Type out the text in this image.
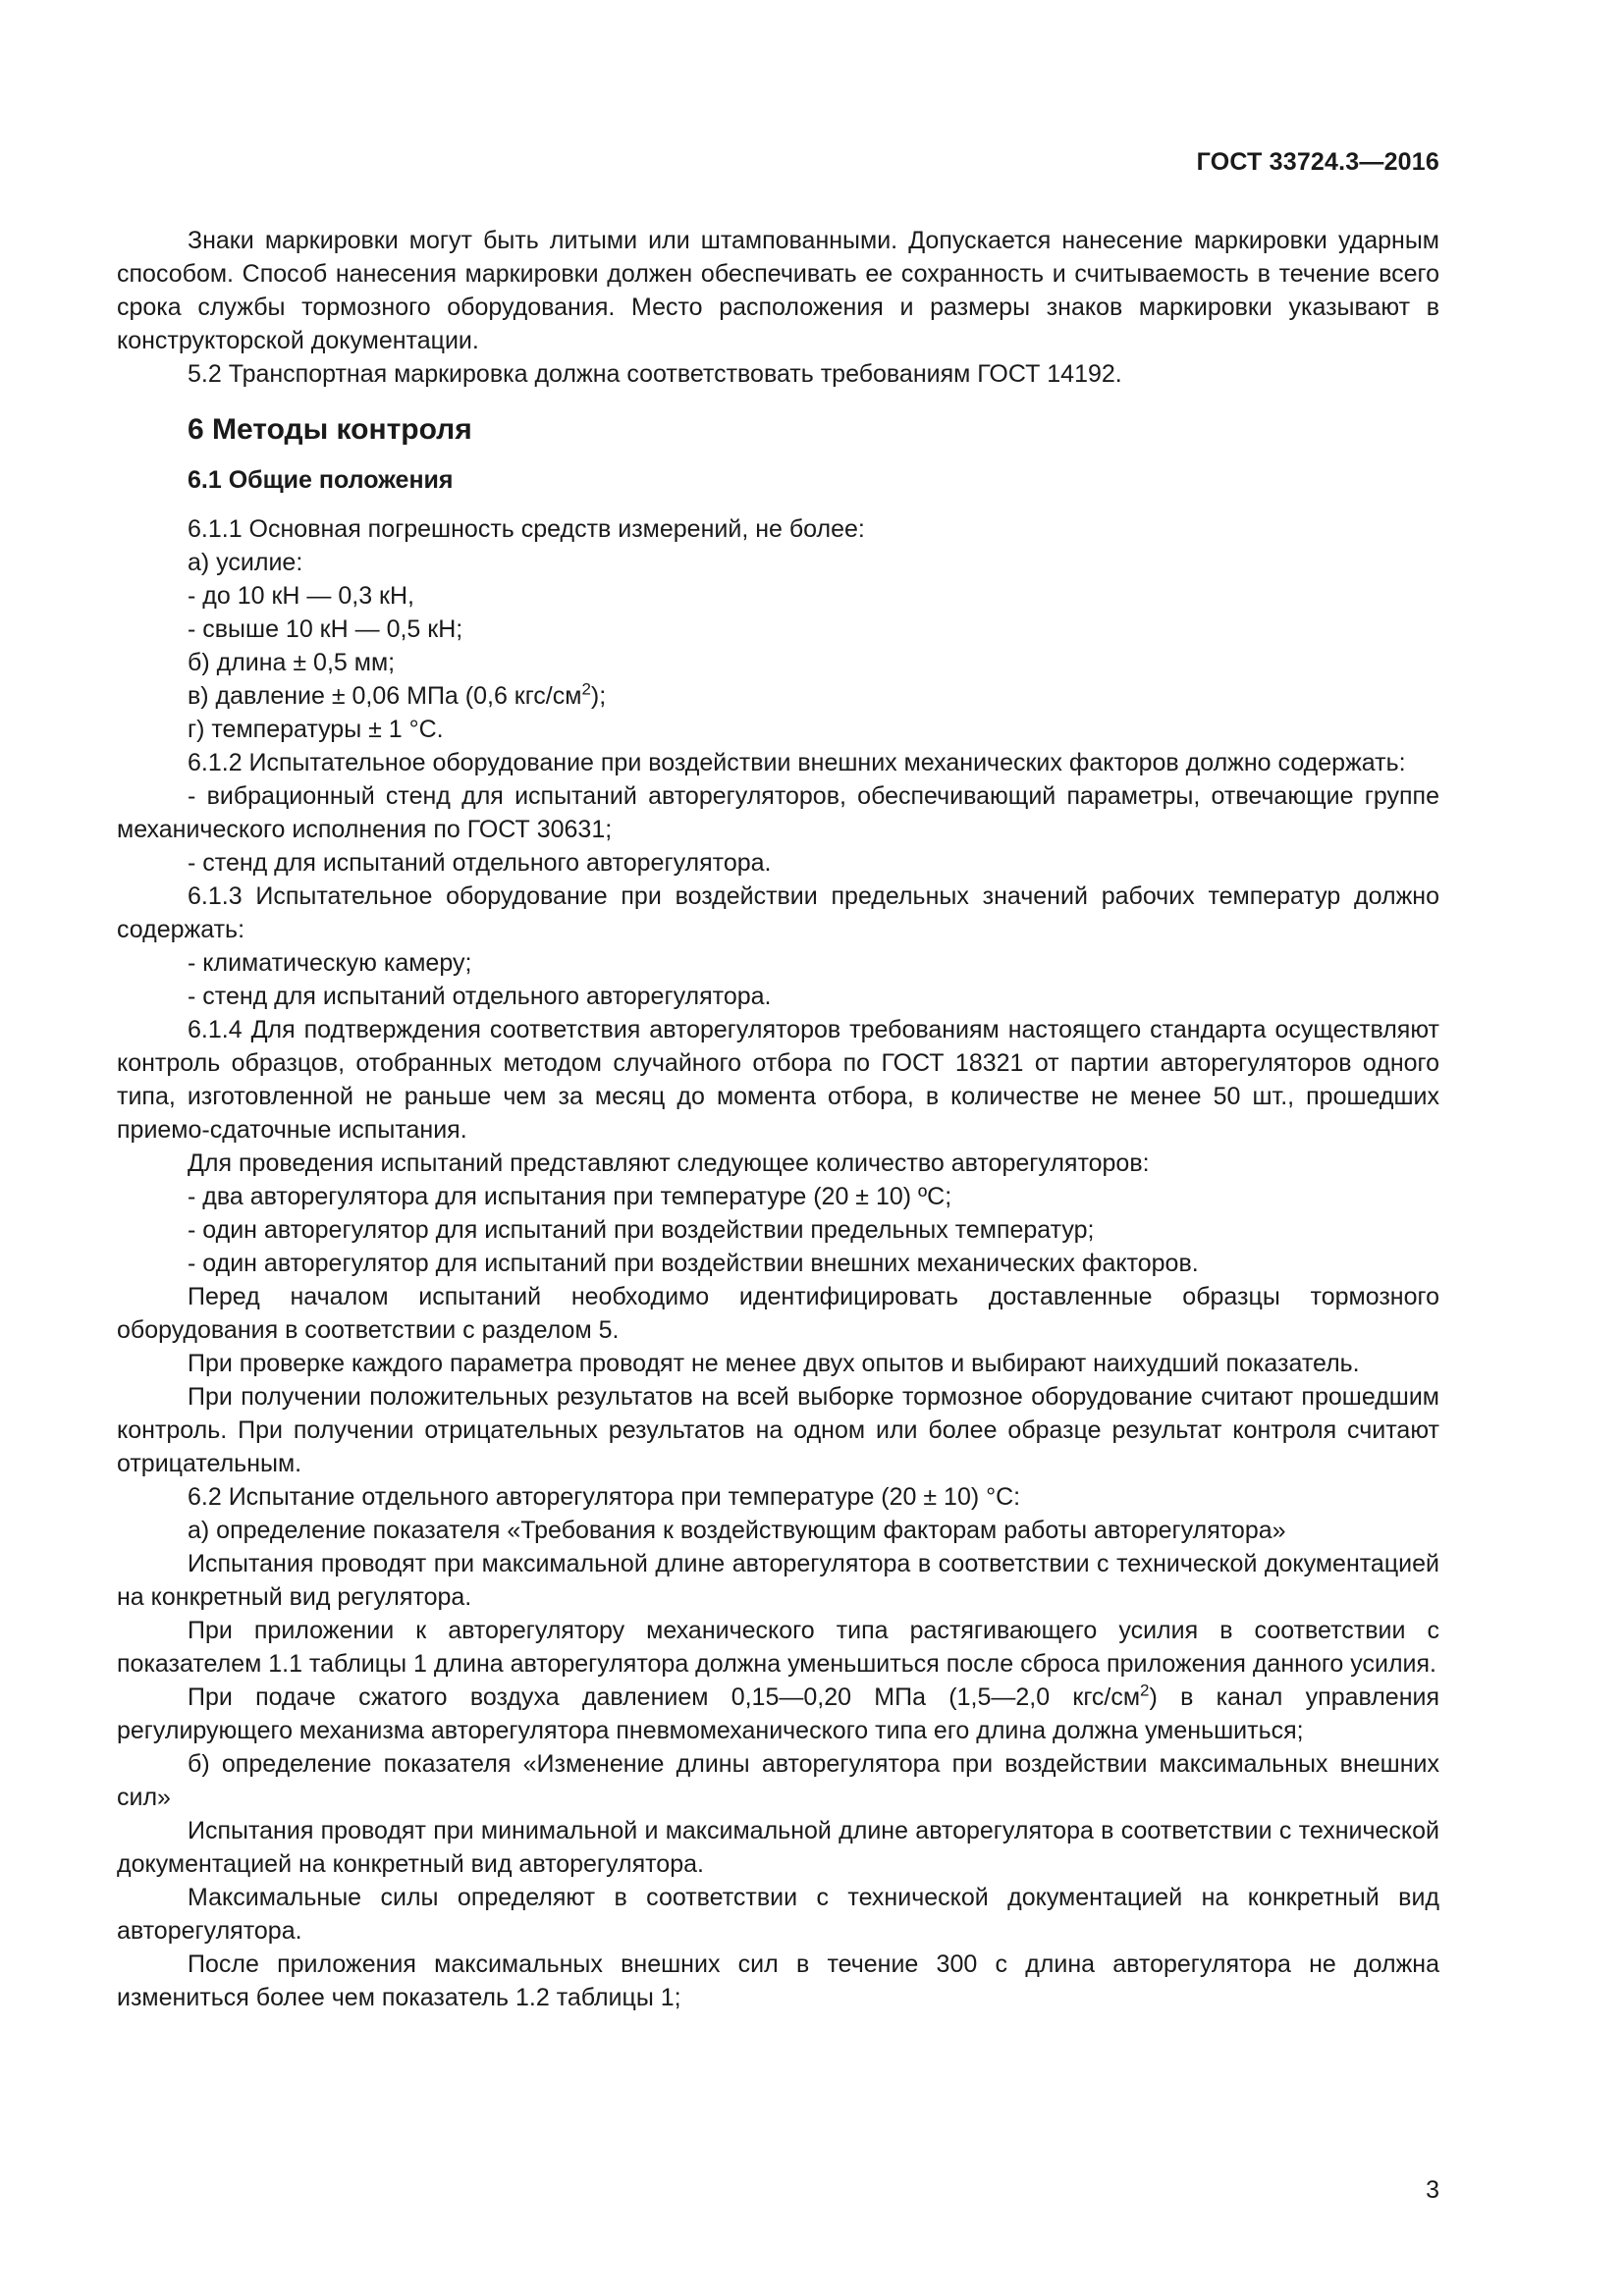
ГОСТ 33724.3—2016

Знаки маркировки могут быть литыми или штампованными. Допускается нанесение маркировки ударным способом. Способ нанесения маркировки должен обеспечивать ее сохранность и считываемость в течение всего срока службы тормозного оборудования. Место расположения и размеры знаков маркировки указывают в конструкторской документации.

5.2 Транспортная маркировка должна соответствовать требованиям ГОСТ 14192.

6 Методы контроля
6.1 Общие положения

6.1.1 Основная погрешность средств измерений, не более:

а) усилие:

- до 10 кН — 0,3 кН,

- свыше 10 кН — 0,5 кН;

б) длина ± 0,5 мм;

в) давление ± 0,06 МПа (0,6 кгс/$см^2$);

г) температуры ± 1 °С.

6.1.2 Испытательное оборудование при воздействии внешних механических факторов должно содержать:

- вибрационный стенд для испытаний авторегуляторов, обеспечивающий параметры, отвечающие группе механического исполнения по ГОСТ 30631;

- стенд для испытаний отдельного авторегулятора.

6.1.3 Испытательное оборудование при воздействии предельных значений рабочих температур должно содержать:

- климатическую камеру;

- стенд для испытаний отдельного авторегулятора.

6.1.4 Для подтверждения соответствия авторегуляторов требованиям настоящего стандарта осуществляют контроль образцов, отобранных методом случайного отбора по ГОСТ 18321 от партии авторегуляторов одного типа, изготовленной не раньше чем за месяц до момента отбора, в количестве не менее 50 шт., прошедших приемо-сдаточные испытания.

Для проведения испытаний представляют следующее количество авторегуляторов:

- два авторегулятора для испытания при температуре (20 ± 10) ºС;

- один авторегулятор для испытаний при воздействии предельных температур;

- один авторегулятор для испытаний при воздействии внешних механических факторов.

Перед началом испытаний необходимо идентифицировать доставленные образцы тормозного оборудования в соответствии с разделом 5.

При проверке каждого параметра проводят не менее двух опытов и выбирают наихудший показатель.

При получении положительных результатов на всей выборке тормозное оборудование считают прошедшим контроль. При получении отрицательных результатов на одном или более образце результат контроля считают отрицательным.

6.2 Испытание отдельного авторегулятора при температуре (20 ± 10) °С:

а) определение показателя «Требования к воздействующим факторам работы авторегулятора»

Испытания проводят при максимальной длине авторегулятора в соответствии с технической документацией на конкретный вид регулятора.

При приложении к авторегулятору механического типа растягивающего усилия в соответствии с показателем 1.1 таблицы 1 длина авторегулятора должна уменьшиться после сброса приложения данного усилия.

При подаче сжатого воздуха давлением 0,15—0,20 МПа (1,5—2,0 кгс/$см^2$) в канал управления регулирующего механизма авторегулятора пневмомеханического типа его длина должна уменьшиться;

б) определение показателя «Изменение длины авторегулятора при воздействии максимальных внешних сил»

Испытания проводят при минимальной и максимальной длине авторегулятора в соответствии с технической документацией на конкретный вид авторегулятора.

Максимальные силы определяют в соответствии с технической документацией на конкретный вид авторегулятора.

После приложения максимальных внешних сил в течение 300 с длина авторегулятора не должна измениться более чем показатель 1.2 таблицы 1;

3
